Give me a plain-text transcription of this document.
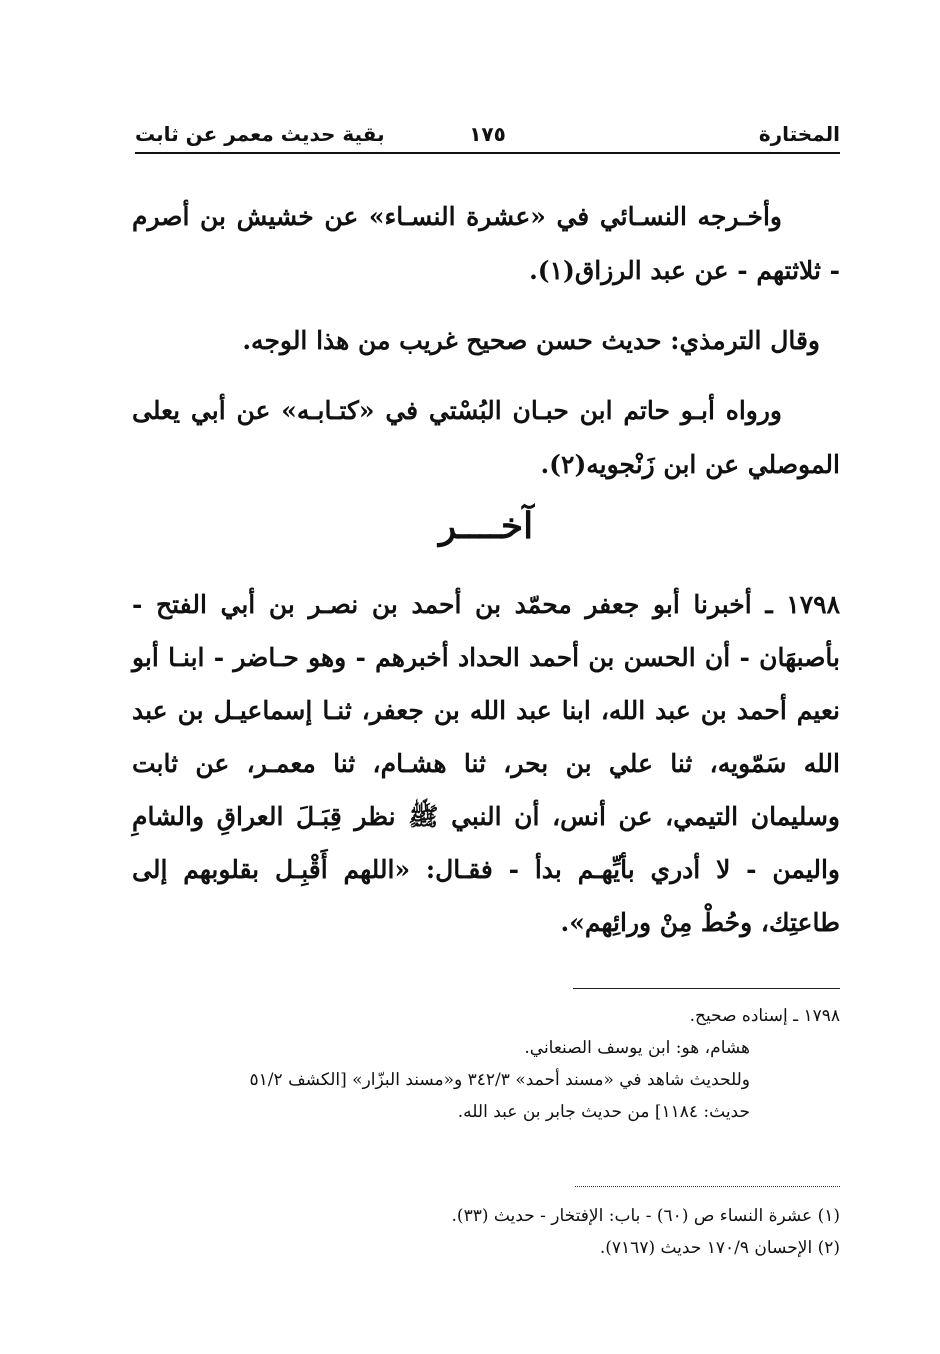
المختارة
١٧٥
بقية حديث معمر عن ثابت

وأخـرجه النسـائي في «عشرة النسـاء» عن خشيش بن أصرم - ثلاثتهم - عن عبد الرزاق(١).

وقال الترمذي: حديث حسن صحيح غريب من هذا الوجه.

ورواه أبـو حاتم ابن حبـان البُسْتي في «كتـابـه» عن أبي يعلى الموصلي عن ابن زَنْجويه(٢).

آخــــر

١٧٩٨ ـ أخبرنا أبو جعفر محمّد بن أحمد بن نصـر بن أبي الفتح - بأصبهَان - أن الحسن بن أحمد الحداد أخبرهم - وهو حـاضر - ابنـا أبو نعيم أحمد بن عبد الله، ابنا عبد الله بن جعفر، ثنـا إسماعيـل بن عبد الله سَمّويه، ثنا علي بن بحر، ثنا هشـام، ثنا معمـر، عن ثابت وسليمان التيمي، عن أنس، أن النبي ﷺ نظر قِبَـلَ العراقِ والشامِ واليمن - لا أدري بأيِّهـم بدأ - فقـال: «اللهم أَقْبِـل بقلوبهم إلى طاعتِك، وحُطْ مِنْ ورائِهم».

١٧٩٨ ـ إسناده صحيح.

هشام، هو: ابن يوسف الصنعاني.

وللحديث شاهد في «مسند أحمد» ٣٤٢/٣ و«مسند البزّار» [الكشف ٥١/٢

حديث: ١١٨٤] من حديث جابر بن عبد الله.

(١) عشرة النساء ص (٦٠) - باب: الإفتخار - حديث (٣٣).

(٢) الإحسان ١٧٠/٩ حديث (٧١٦٧).
